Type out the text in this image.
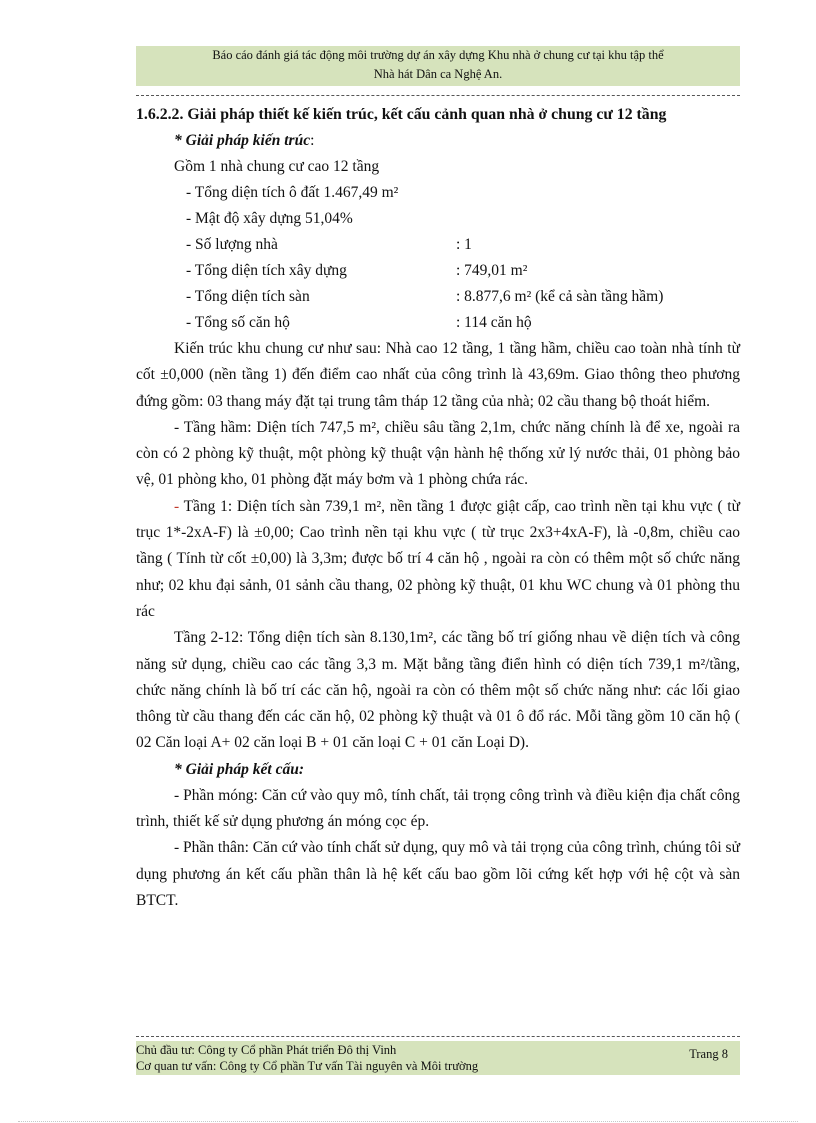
Báo cáo đánh giá tác động môi trường dự án xây dựng Khu nhà ở chung cư tại khu tập thể
Nhà hát Dân ca Nghệ An.

1.6.2.2. Giải pháp thiết kế kiến trúc, kết cấu cảnh quan nhà ở chung cư 12 tầng

* Giải pháp kiến trúc:

Gồm 1 nhà chung cư cao 12 tầng

- Tổng diện tích ô đất 1.467,49 m²

- Mật độ xây dựng 51,04%

- Số lượng nhà	: 1
- Tổng diện tích xây dựng	: 749,01 m²
- Tổng diện tích sàn	: 8.877,6 m² (kể cả sàn tầng hầm)
- Tổng số căn hộ	: 114 căn hộ

Kiến trúc khu chung cư như sau: Nhà cao 12 tầng, 1 tầng hầm, chiều cao toàn nhà tính từ cốt ±0,000 (nền tầng 1) đến điểm cao nhất của công trình là 43,69m. Giao thông theo phương đứng gồm: 03 thang máy đặt tại trung tâm tháp 12 tầng của nhà; 02 cầu thang bộ thoát hiểm.

- Tầng hầm: Diện tích 747,5 m², chiều sâu tầng 2,1m, chức năng chính là để xe, ngoài ra còn có 2 phòng kỹ thuật, một phòng kỹ thuật vận hành hệ thống xử lý nước thải, 01 phòng bảo vệ, 01 phòng kho, 01 phòng đặt máy bơm và 1 phòng chứa rác.

- Tầng 1: Diện tích sàn 739,1 m², nền tầng 1 được giật cấp, cao trình nền tại khu vực ( từ trục 1*-2xA-F) là ±0,00; Cao trình nền tại khu vực ( từ trục 2x3+4xA-F), là -0,8m, chiều cao tầng ( Tính từ cốt ±0,00) là 3,3m; được bố trí 4 căn hộ , ngoài ra còn có thêm một số chức năng như; 02 khu đại sảnh, 01 sảnh cầu thang, 02 phòng kỹ thuật, 01 khu WC chung và 01 phòng thu rác

Tầng 2-12: Tổng diện tích sàn 8.130,1m², các tầng bố trí giống nhau về diện tích và công năng sử dụng, chiều cao các tầng 3,3 m. Mặt bằng tầng điển hình có diện tích 739,1 m²/tầng, chức năng chính là bố trí các căn hộ, ngoài ra còn có thêm một số chức năng như: các lối giao thông từ cầu thang đến các căn hộ, 02 phòng kỹ thuật và 01 ô đổ rác. Mỗi tầng gồm 10 căn hộ ( 02 Căn loại A+ 02 căn loại B + 01 căn loại C + 01 căn Loại D).

* Giải pháp kết cấu:

- Phần móng: Căn cứ vào quy mô, tính chất, tải trọng công trình và điều kiện địa chất công trình, thiết kế sử dụng phương án móng cọc ép.

- Phần thân: Căn cứ vào tính chất sử dụng, quy mô và tải trọng của công trình, chúng tôi sử dụng phương án kết cấu phần thân là hệ kết cấu bao gồm lõi cứng kết hợp với hệ cột và sàn BTCT.

Chủ đầu tư: Công ty Cổ phần Phát triển Đô thị Vinh
Cơ quan tư vấn: Công ty Cổ phần Tư vấn Tài nguyên và Môi trường
Trang 8
